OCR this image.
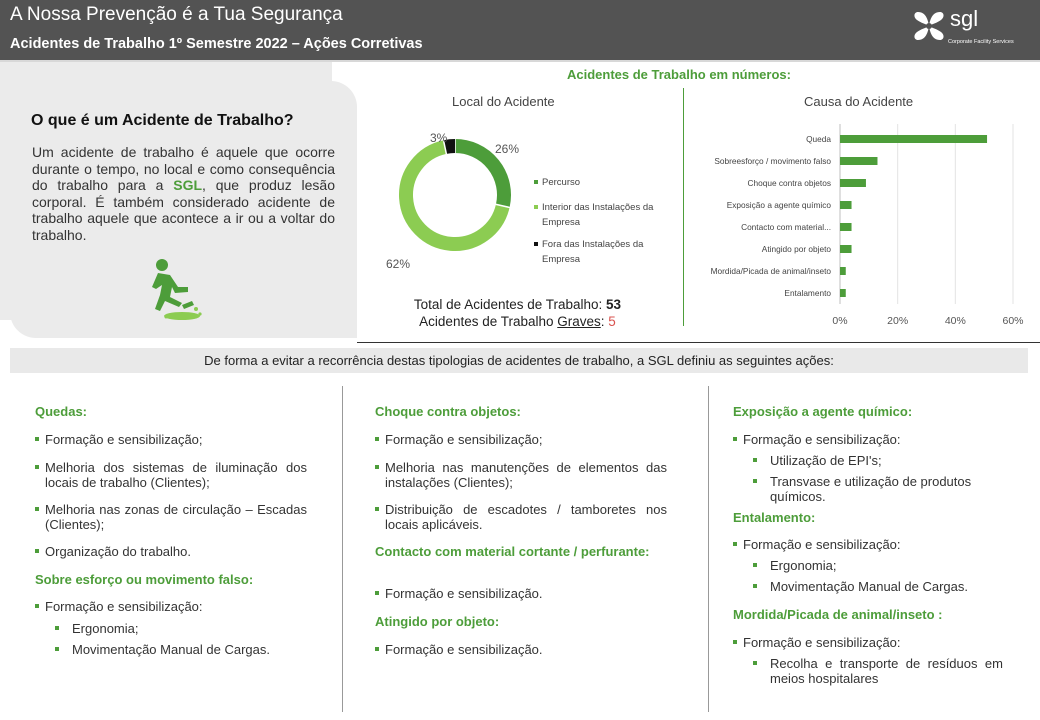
A Nossa Prevenção é a Tua Segurança
Acidentes de Trabalho 1º Semestre 2022 – Ações Corretivas
sgl
Corporate Facility Services
Acidentes de Trabalho em números:
O que é um Acidente de Trabalho?
Um acidente de trabalho é aquele que ocorre durante o tempo, no local e como consequência do trabalho para a SGL, que produz lesão corporal. É também considerado acidente de trabalho aquele que acontece a ir ou a voltar do trabalho.
Local do Acidente
26%
62%
3%
Percurso
Interior das Instalações da Empresa
Fora das Instalações da Empresa
Total de Acidentes de Trabalho: 53
Acidentes de Trabalho Graves: 5
Causa do Acidente
0%	20%	40%	60%
Queda
Sobreesforço / movimento falso
Choque contra objetos
Exposição a agente químico
Contacto com material...
Atingido por objeto
Mordida/Picada de animal/inseto
Entalamento
De forma a evitar a recorrência destas tipologias de acidentes de trabalho, a SGL definiu as seguintes ações:
Quedas:
Formação e sensibilização;
Melhoria dos sistemas de iluminação dos locais de trabalho (Clientes);
Melhoria nas zonas de circulação – Escadas (Clientes);
Organização do trabalho.
Sobre esforço ou movimento falso:
Formação e sensibilização:
Ergonomia;
Movimentação Manual de Cargas.
Choque contra objetos:
Formação e sensibilização;
Melhoria nas manutenções de elementos das instalações (Clientes);
Distribuição de escadotes / tamboretes nos locais aplicáveis.
Contacto com material cortante / perfurante:
Formação e sensibilização.
Atingido por objeto:
Formação e sensibilização.
Exposição a agente químico:
Formação e sensibilização:
Utilização de EPI's;
Transvase e utilização de produtos químicos.
Entalamento:
Formação e sensibilização:
Ergonomia;
Movimentação Manual de Cargas.
Mordida/Picada de animal/inseto :
Formação e sensibilização:
Recolha e transporte de resíduos em meios hospitalares
